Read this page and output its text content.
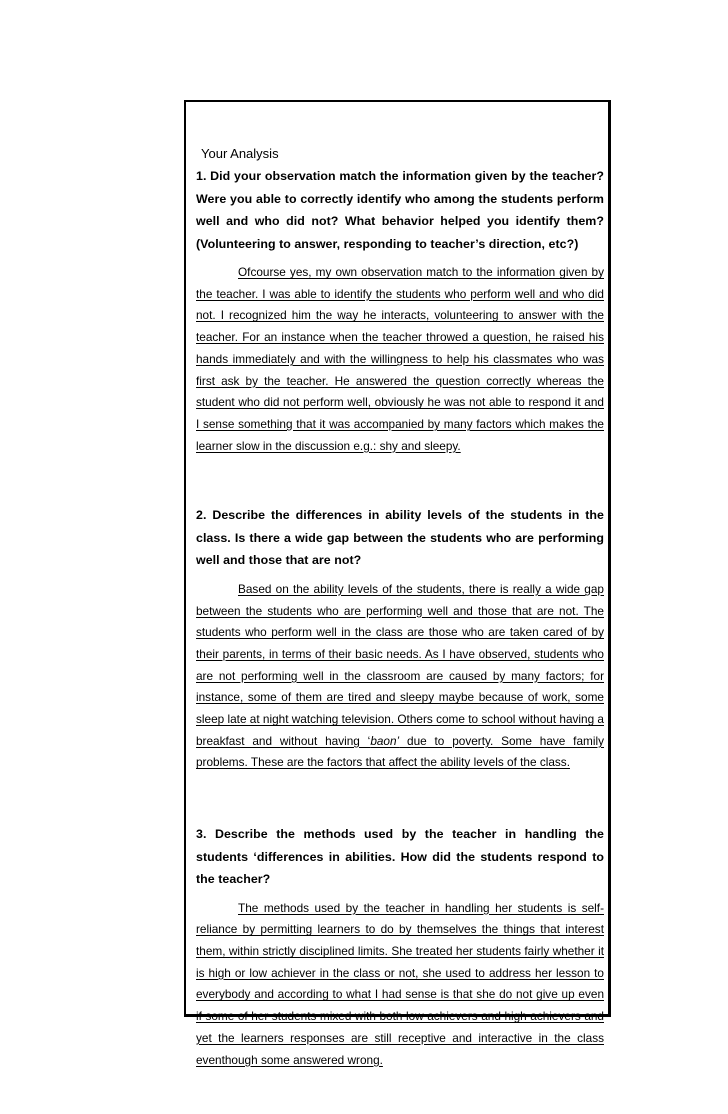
Your Analysis

1. Did your observation match the information given by the teacher? Were you able to correctly identify who among the students perform well and who did not? What behavior helped you identify them? (Volunteering to answer, responding to teacher’s direction, etc?)

Ofcourse yes, my own observation match to the information given by the teacher. I was able to identify the students who perform well and who did not. I recognized him the way he interacts, volunteering to answer with the teacher. For an instance when the teacher throwed a question, he raised his hands immediately and with the willingness to help his classmates who was first ask by the teacher. He answered the question correctly whereas the student who did not perform well, obviously he was not able to respond it and I sense something that it was accompanied by many factors which makes the learner slow in the discussion e.g.: shy and sleepy.

2. Describe the differences in ability levels of the students in the class. Is there a wide gap between the students who are performing well and those that are not?

Based on the ability levels of the students, there is really a wide gap between the students who are performing well and those that are not. The students who perform well in the class are those who are taken cared of by their parents, in terms of their basic needs. As I have observed, students who are not performing well in the classroom are caused by many factors; for instance, some of them are tired and sleepy maybe because of work, some sleep late at night watching television. Others come to school without having a breakfast and without having ‘baon’ due to poverty. Some have family problems. These are the factors that affect the ability levels of the class.

3. Describe the methods used by the teacher in handling the students ‘differences in abilities. How did the students respond to the teacher?

The methods used by the teacher in handling her students is self-reliance by permitting learners to do by themselves the things that interest them, within strictly disciplined limits. She treated her students fairly whether it is high or low achiever in the class or not, she used to address her lesson to everybody and according to what I had sense is that she do not give up even if some of her students mixed with both low achievers and high achievers and yet the learners responses are still receptive and interactive in the class eventhough some answered wrong.
